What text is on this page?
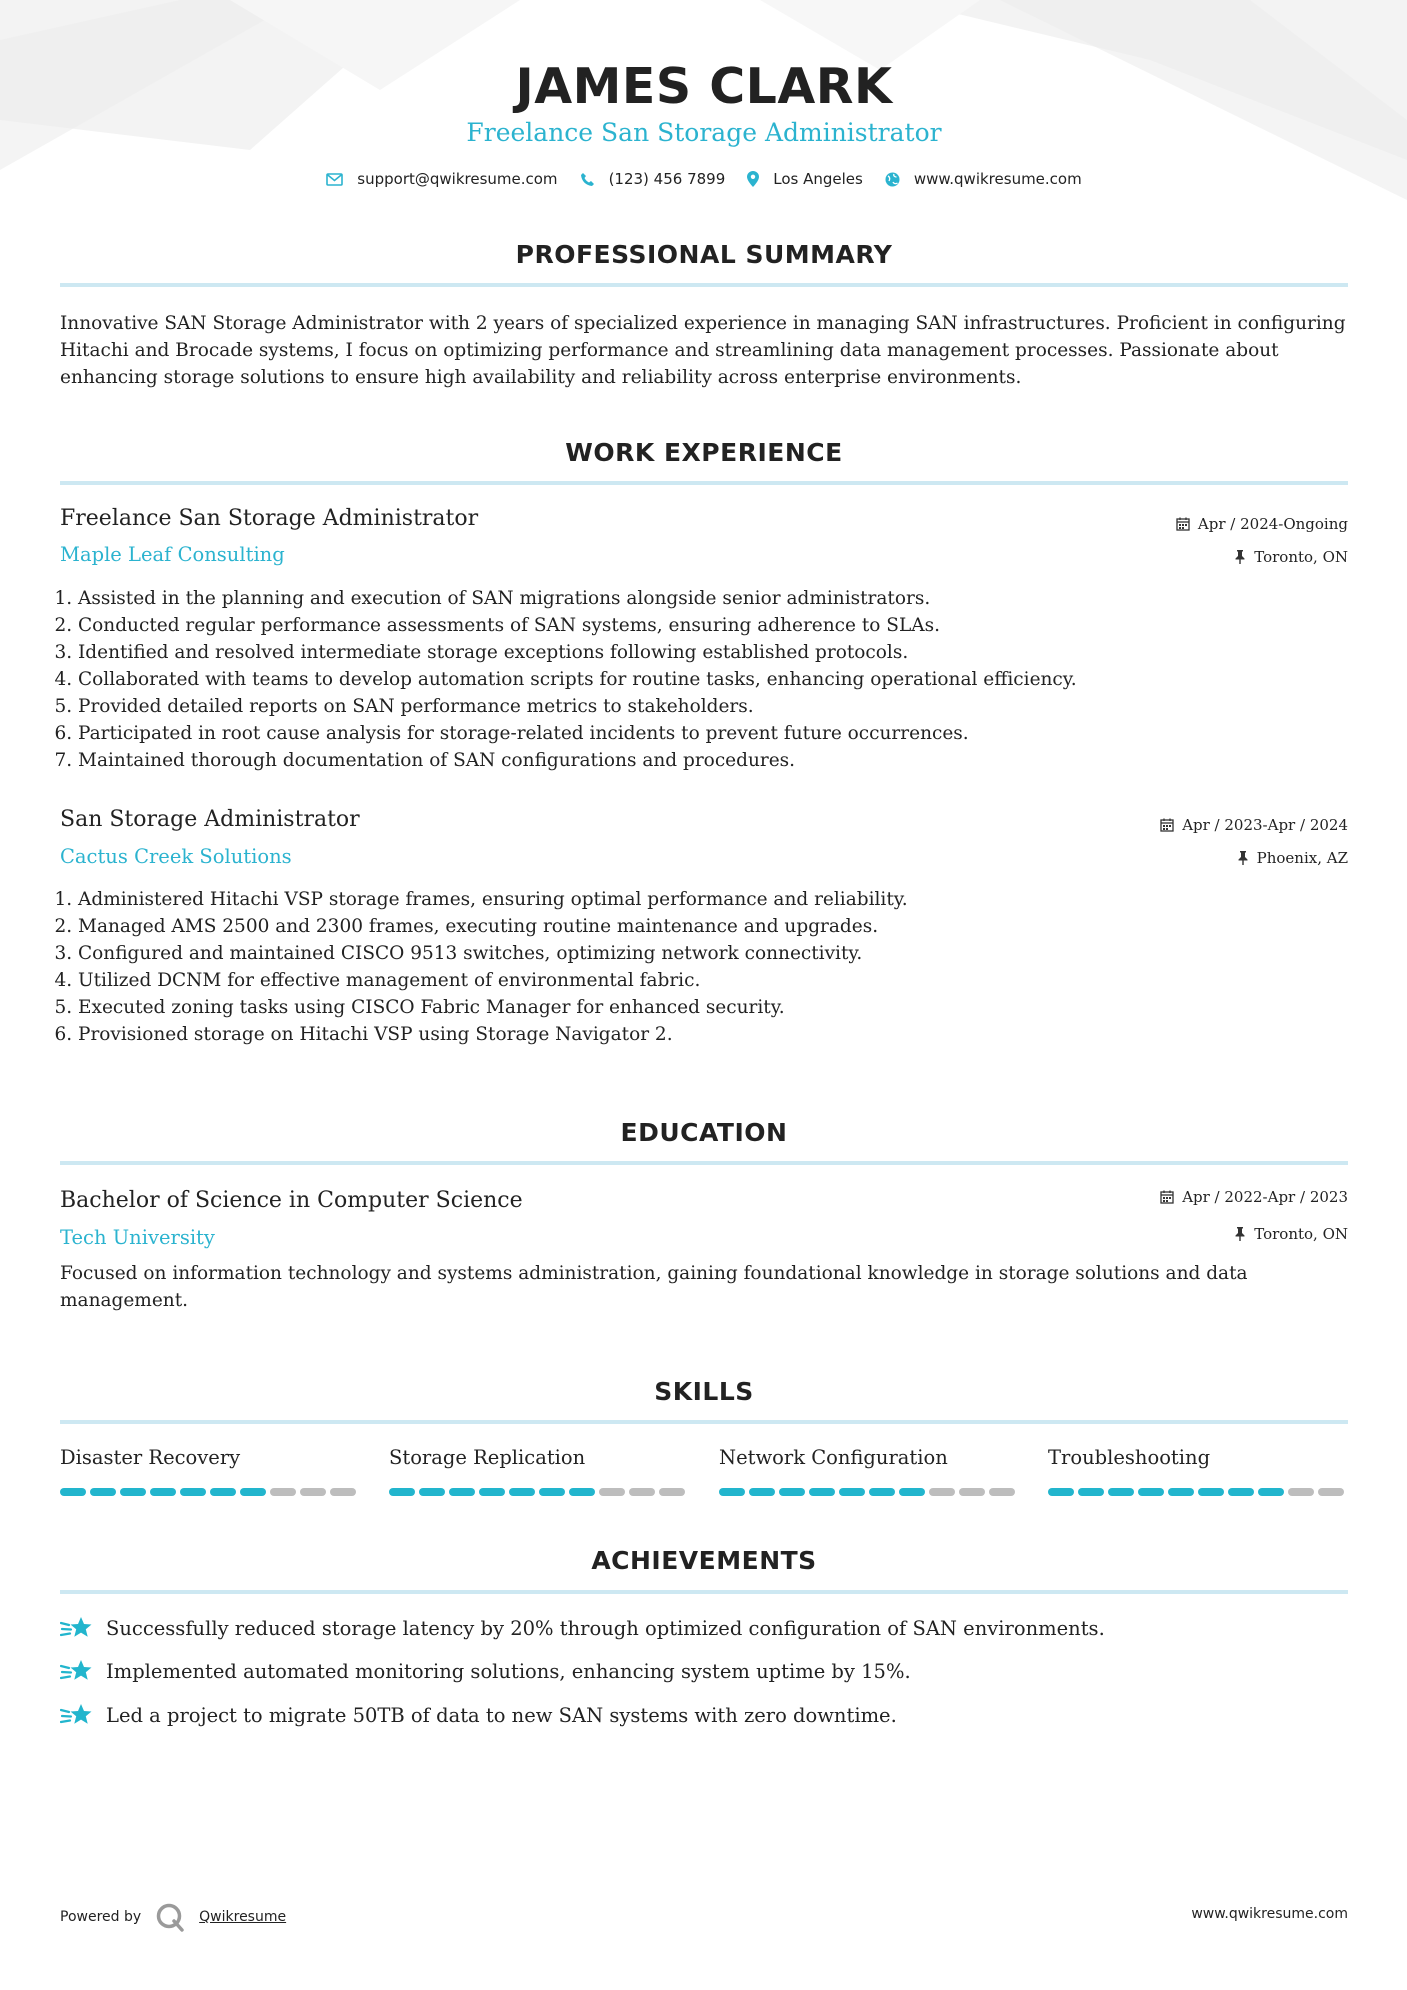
JAMES CLARK
Freelance San Storage Administrator
support@qwikresume.com	(123) 456 7899	Los Angeles	www.qwikresume.com
PROFESSIONAL SUMMARY
Innovative SAN Storage Administrator with 2 years of specialized experience in managing SAN infrastructures. Proficient in configuring Hitachi and Brocade systems, I focus on optimizing performance and streamlining data management processes. Passionate about enhancing storage solutions to ensure high availability and reliability across enterprise environments.
WORK EXPERIENCE
Freelance San Storage Administrator
Maple Leaf Consulting
Apr / 2024-Ongoing
Toronto, ON
1. Assisted in the planning and execution of SAN migrations alongside senior administrators.
2. Conducted regular performance assessments of SAN systems, ensuring adherence to SLAs.
3. Identified and resolved intermediate storage exceptions following established protocols.
4. Collaborated with teams to develop automation scripts for routine tasks, enhancing operational efficiency.
5. Provided detailed reports on SAN performance metrics to stakeholders.
6. Participated in root cause analysis for storage-related incidents to prevent future occurrences.
7. Maintained thorough documentation of SAN configurations and procedures.
San Storage Administrator
Cactus Creek Solutions
Apr / 2023-Apr / 2024
Phoenix, AZ
1. Administered Hitachi VSP storage frames, ensuring optimal performance and reliability.
2. Managed AMS 2500 and 2300 frames, executing routine maintenance and upgrades.
3. Configured and maintained CISCO 9513 switches, optimizing network connectivity.
4. Utilized DCNM for effective management of environmental fabric.
5. Executed zoning tasks using CISCO Fabric Manager for enhanced security.
6. Provisioned storage on Hitachi VSP using Storage Navigator 2.
EDUCATION
Bachelor of Science in Computer Science
Tech University
Apr / 2022-Apr / 2023
Toronto, ON
Focused on information technology and systems administration, gaining foundational knowledge in storage solutions and data management.
SKILLS
Disaster Recovery	Storage Replication	Network Configuration	Troubleshooting
ACHIEVEMENTS
Successfully reduced storage latency by 20% through optimized configuration of SAN environments.
Implemented automated monitoring solutions, enhancing system uptime by 15%.
Led a project to migrate 50TB of data to new SAN systems with zero downtime.
Powered by	Qwikresume	www.qwikresume.com
